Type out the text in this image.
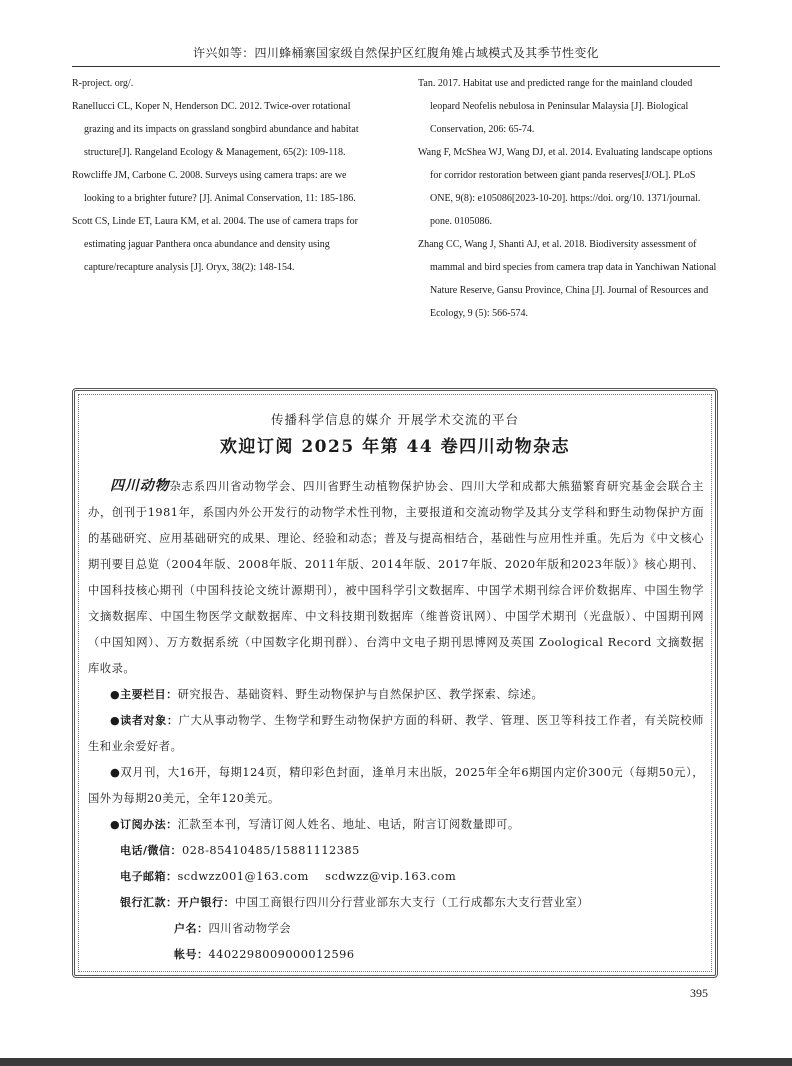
许兴如等：四川蜂桶寨国家级自然保护区红腹角雉占域模式及其季节性变化

R-project. org/.

Ranellucci CL, Koper N, Henderson DC. 2012. Twice-over rotational grazing and its impacts on grassland songbird abundance and habitat structure[J]. Rangeland Ecology & Management, 65(2): 109-118.

Rowcliffe JM, Carbone C. 2008. Surveys using camera traps: are we looking to a brighter future? [J]. Animal Conservation, 11: 185-186.

Scott CS, Linde ET, Laura KM, et al. 2004. The use of camera traps for estimating jaguar Panthera onca abundance and density using capture/recapture analysis [J]. Oryx, 38(2): 148-154.

Tan. 2017. Habitat use and predicted range for the mainland clouded leopard Neofelis nebulosa in Peninsular Malaysia [J]. Biological Conservation, 206: 65-74.

Wang F, McShea WJ, Wang DJ, et al. 2014. Evaluating landscape options for corridor restoration between giant panda reserves[J/OL]. PLoS ONE, 9(8): e105086[2023-10-20]. https://doi. org/10. 1371/journal. pone. 0105086.

Zhang CC, Wang J, Shanti AJ, et al. 2018. Biodiversity assessment of mammal and bird species from camera trap data in Yanchiwan National Nature Reserve, Gansu Province, China [J]. Journal of Resources and Ecology, 9 (5): 566-574.

传播科学信息的媒介 开展学术交流的平台
欢迎订阅 2025 年第 44 卷四川动物杂志

四川动物杂志系四川省动物学会、四川省野生动植物保护协会、四川大学和成都大熊猫繁育研究基金会联合主办，创刊于1981年，系国内外公开发行的动物学术性刊物，主要报道和交流动物学及其分支学科和野生动物保护方面的基础研究、应用基础研究的成果、理论、经验和动态；普及与提高相结合，基础性与应用性并重。先后为《中文核心期刊要目总览（2004年版、2008年版、2011年版、2014年版、2017年版、2020年版和2023年版）》核心期刊、中国科技核心期刊（中国科技论文统计源期刊），被中国科学引文数据库、中国学术期刊综合评价数据库、中国生物学文摘数据库、中国生物医学文献数据库、中文科技期刊数据库（维普资讯网）、中国学术期刊（光盘版）、中国期刊网（中国知网）、万方数据系统（中国数字化期刊群）、台湾中文电子期刊思博网及英国 Zoological Record 文摘数据库收录。

●主要栏目：研究报告、基础资料、野生动物保护与自然保护区、教学探索、综述。

●读者对象：广大从事动物学、生物学和野生动物保护方面的科研、教学、管理、医卫等科技工作者，有关院校师生和业余爱好者。

●双月刊，大16开，每期124页，精印彩色封面，逢单月末出版，2025年全年6期国内定价300元（每期50元），国外为每期20美元，全年120美元。

●订阅办法：汇款至本刊，写清订阅人姓名、地址、电话，附言订阅数量即可。

电话/微信：028-85410485/15881112385

电子邮箱：scdwzz001@163.com    scdwzz@vip.163.com

银行汇款：开户银行：中国工商银行四川分行营业部东大支行（工行成都东大支行营业室）

户名：四川省动物学会

帐号：4402298009000012596

395
